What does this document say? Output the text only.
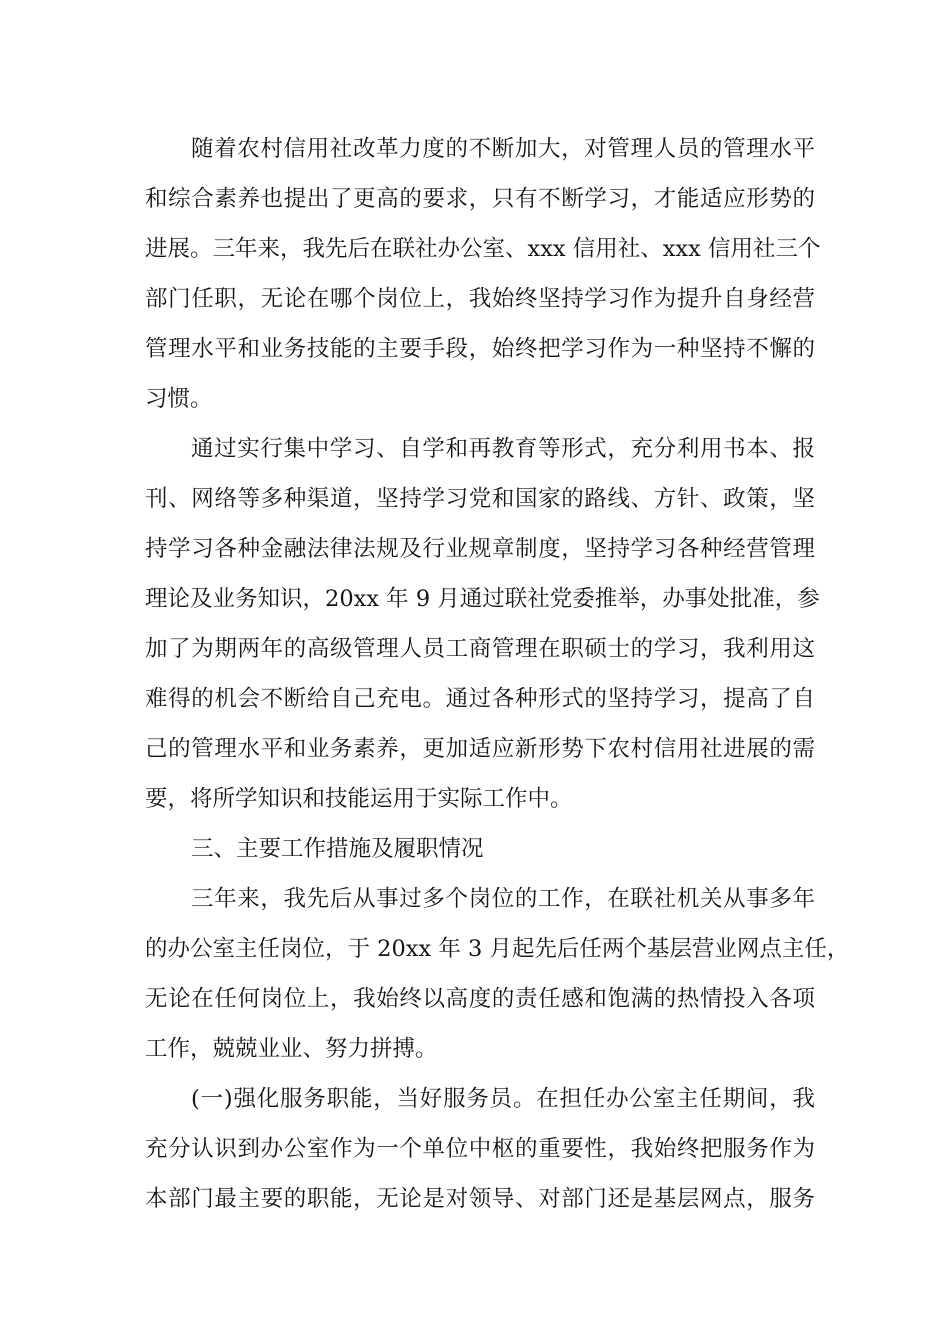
随着农村信用社改革力度的不断加大，对管理人员的管理水平
和综合素养也提出了更高的要求，只有不断学习，才能适应形势的
进展。三年来，我先后在联社办公室、xxx 信用社、xxx 信用社三个
部门任职，无论在哪个岗位上，我始终坚持学习作为提升自身经营
管理水平和业务技能的主要手段，始终把学习作为一种坚持不懈的
习惯。
通过实行集中学习、自学和再教育等形式，充分利用书本、报
刊、网络等多种渠道，坚持学习党和国家的路线、方针、政策，坚
持学习各种金融法律法规及行业规章制度，坚持学习各种经营管理
理论及业务知识，20xx 年 9 月通过联社党委推举，办事处批准，参
加了为期两年的高级管理人员工商管理在职硕士的学习，我利用这
难得的机会不断给自己充电。通过各种形式的坚持学习，提高了自
己的管理水平和业务素养，更加适应新形势下农村信用社进展的需
要，将所学知识和技能运用于实际工作中。
三、主要工作措施及履职情况
三年来，我先后从事过多个岗位的工作，在联社机关从事多年
的办公室主任岗位，于 20xx 年 3 月起先后任两个基层营业网点主任，
无论在任何岗位上，我始终以高度的责任感和饱满的热情投入各项
工作，兢兢业业、努力拼搏。
(一)强化服务职能，当好服务员。在担任办公室主任期间，我
充分认识到办公室作为一个单位中枢的重要性，我始终把服务作为
本部门最主要的职能，无论是对领导、对部门还是基层网点，服务
